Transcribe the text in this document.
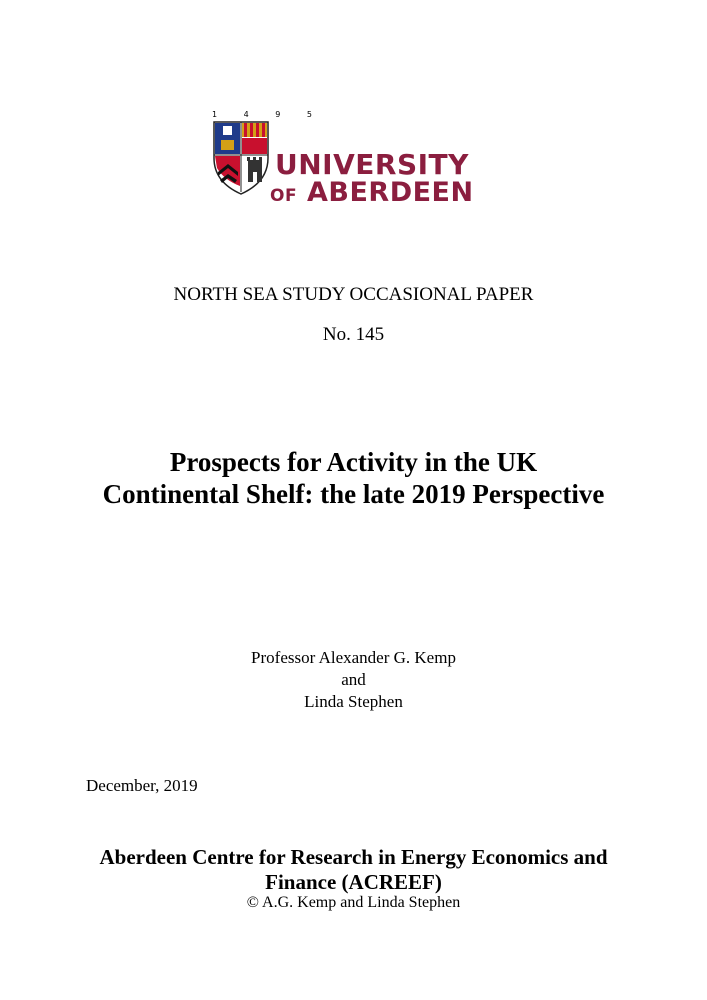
1 4 9 5
UNIVERSITY
OF ABERDEEN
NORTH SEA STUDY OCCASIONAL PAPER
No. 145
Prospects for Activity in the UK
Continental Shelf: the late 2019 Perspective
Professor Alexander G. Kemp
and
Linda Stephen
December, 2019
Aberdeen Centre for Research in Energy Economics and
Finance (ACREEF)
© A.G. Kemp and Linda Stephen
